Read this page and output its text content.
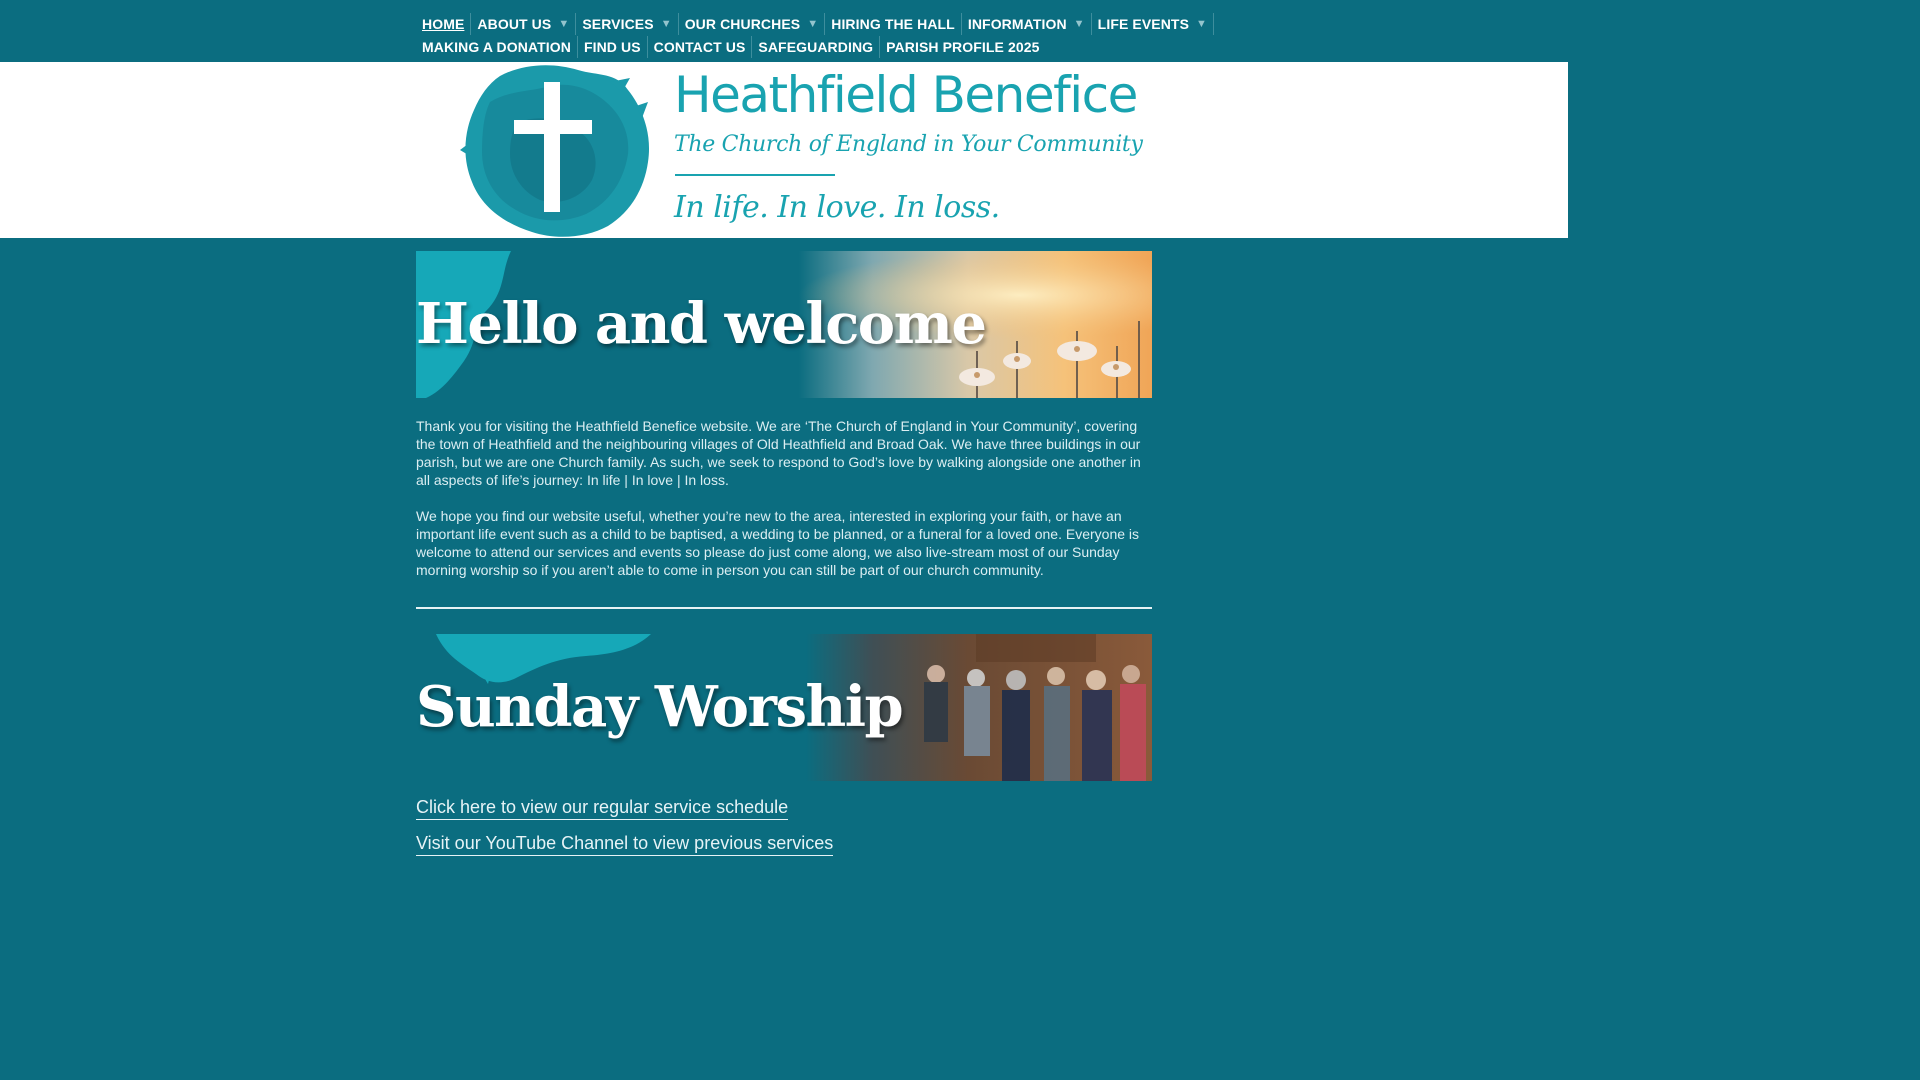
HOME ABOUT US ▼ SERVICES ▼ OUR CHURCHES ▼ HIRING THE HALL INFORMATION ▼ LIFE EVENTS ▼
MAKING A DONATION FIND US CONTACT US SAFEGUARDING PARISH PROFILE 2025
Heathfield Benefice
The Church of England in Your Community
In life. In love. In loss.
Hello and welcome
Thank you for visiting the Heathfield Benefice website. We are ‘The Church of England in Your Community’, covering the town of Heathfield and the neighbouring villages of Old Heathfield and Broad Oak. We have three buildings in our parish, but we are one Church family. As such, we seek to respond to God’s love by walking alongside one another in all aspects of life’s journey: In life | In love | In loss.
We hope you find our website useful, whether you’re new to the area, interested in exploring your faith, or have an important life event such as a child to be baptised, a wedding to be planned, or a funeral for a loved one. Everyone is welcome to attend our services and events so please do just come along, we also live-stream most of our Sunday morning worship so if you aren’t able to come in person you can still be part of our church community.
Sunday Worship
Click here to view our regular service schedule
Visit our YouTube Channel to view previous services
